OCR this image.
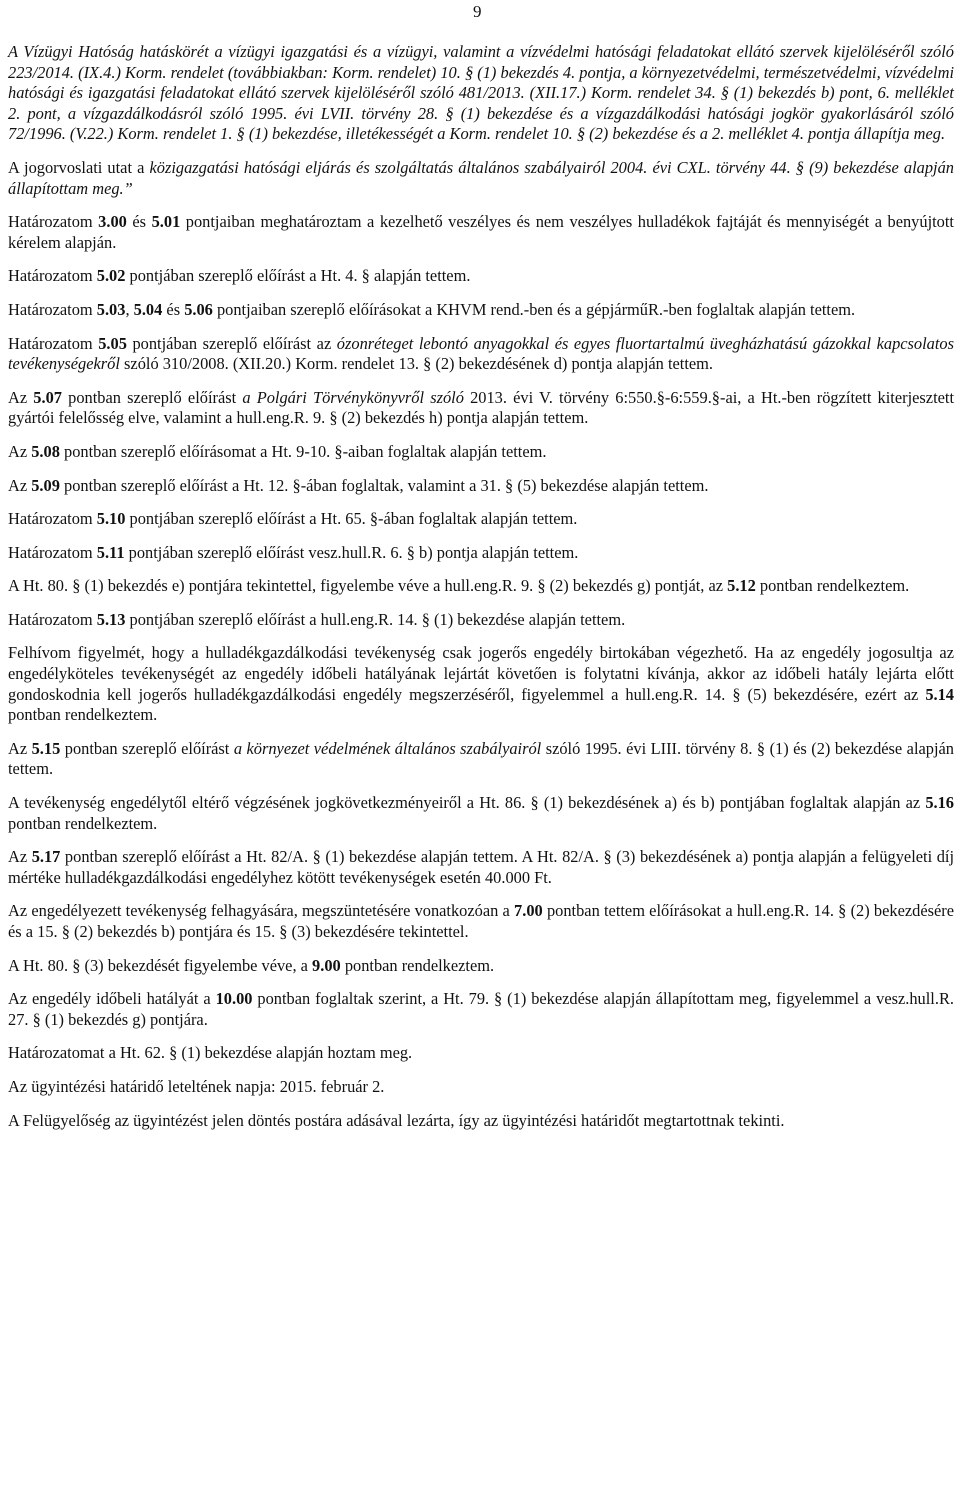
9

A Vízügyi Hatóság hatáskörét a vízügyi igazgatási és a vízügyi, valamint a vízvédelmi hatósági feladatokat ellátó szervek kijelöléséről szóló 223/2014. (IX.4.) Korm. rendelet (továbbiakban: Korm. rendelet) 10. § (1) bekezdés 4. pontja, a környezetvédelmi, természetvédelmi, vízvédelmi hatósági és igazgatási feladatokat ellátó szervek kijelöléséről szóló 481/2013. (XII.17.) Korm. rendelet 34. § (1) bekezdés b) pont, 6. melléklet 2. pont, a vízgazdálkodásról szóló 1995. évi LVII. törvény 28. § (1) bekezdése és a vízgazdálkodási hatósági jogkör gyakorlásáról szóló 72/1996. (V.22.) Korm. rendelet 1. § (1) bekezdése, illetékességét a Korm. rendelet 10. § (2) bekezdése és a 2. melléklet 4. pontja állapítja meg.

A jogorvoslati utat a közigazgatási hatósági eljárás és szolgáltatás általános szabályairól 2004. évi CXL. törvény 44. § (9) bekezdése alapján állapítottam meg.”

Határozatom 3.00 és 5.01 pontjaiban meghatároztam a kezelhető veszélyes és nem veszélyes hulladékok fajtáját és mennyiségét a benyújtott kérelem alapján.

Határozatom 5.02 pontjában szereplő előírást a Ht. 4. § alapján tettem.

Határozatom 5.03, 5.04 és 5.06 pontjaiban szereplő előírásokat a KHVM rend.-ben és a gépjárműR.-ben foglaltak alapján tettem.

Határozatom 5.05 pontjában szereplő előírást az ózonréteget lebontó anyagokkal és egyes fluortartalmú üvegházhatású gázokkal kapcsolatos tevékenységekről szóló 310/2008. (XII.20.) Korm. rendelet 13. § (2) bekezdésének d) pontja alapján tettem.

Az 5.07 pontban szereplő előírást a Polgári Törvénykönyvről szóló 2013. évi V. törvény 6:550.§-6:559.§-ai, a Ht.-ben rögzített kiterjesztett gyártói felelősség elve, valamint a hull.eng.R. 9. § (2) bekezdés h) pontja alapján tettem.

Az 5.08 pontban szereplő előírásomat a Ht. 9-10. §-aiban foglaltak alapján tettem.

Az 5.09 pontban szereplő előírást a Ht. 12. §-ában foglaltak, valamint a 31. § (5) bekezdése alapján tettem.

Határozatom 5.10 pontjában szereplő előírást a Ht. 65. §-ában foglaltak alapján tettem.

Határozatom 5.11 pontjában szereplő előírást vesz.hull.R. 6. § b) pontja alapján tettem.

A Ht. 80. § (1) bekezdés e) pontjára tekintettel, figyelembe véve a hull.eng.R. 9. § (2) bekezdés g) pontját, az 5.12 pontban rendelkeztem.

Határozatom 5.13 pontjában szereplő előírást a hull.eng.R. 14. § (1) bekezdése alapján tettem.

Felhívom figyelmét, hogy a hulladékgazdálkodási tevékenység csak jogerős engedély birtokában végezhető. Ha az engedély jogosultja az engedélyköteles tevékenységét az engedély időbeli hatályának lejártát követően is folytatni kívánja, akkor az időbeli hatály lejárta előtt gondoskodnia kell jogerős hulladékgazdálkodási engedély megszerzéséről, figyelemmel a hull.eng.R. 14. § (5) bekezdésére, ezért az 5.14 pontban rendelkeztem.

Az 5.15 pontban szereplő előírást a környezet védelmének általános szabályairól szóló 1995. évi LIII. törvény 8. § (1) és (2) bekezdése alapján tettem.

A tevékenység engedélytől eltérő végzésének jogkövetkezményeiről a Ht. 86. § (1) bekezdésének a) és b) pontjában foglaltak alapján az 5.16 pontban rendelkeztem.

Az 5.17 pontban szereplő előírást a Ht. 82/A. § (1) bekezdése alapján tettem. A Ht. 82/A. § (3) bekezdésének a) pontja alapján a felügyeleti díj mértéke hulladékgazdálkodási engedélyhez kötött tevékenységek esetén 40.000 Ft.

Az engedélyezett tevékenység felhagyására, megszüntetésére vonatkozóan a 7.00 pontban tettem előírásokat a hull.eng.R. 14. § (2) bekezdésére és a 15. § (2) bekezdés b) pontjára és 15. § (3) bekezdésére tekintettel.

A Ht. 80. § (3) bekezdését figyelembe véve, a 9.00 pontban rendelkeztem.

Az engedély időbeli hatályát a 10.00 pontban foglaltak szerint, a Ht. 79. § (1) bekezdése alapján állapítottam meg, figyelemmel a vesz.hull.R. 27. § (1) bekezdés g) pontjára.

Határozatomat a Ht. 62. § (1) bekezdése alapján hoztam meg.

Az ügyintézési határidő leteltének napja: 2015. február 2.

A Felügyelőség az ügyintézést jelen döntés postára adásával lezárta, így az ügyintézési határidőt megtartottnak tekinti.
